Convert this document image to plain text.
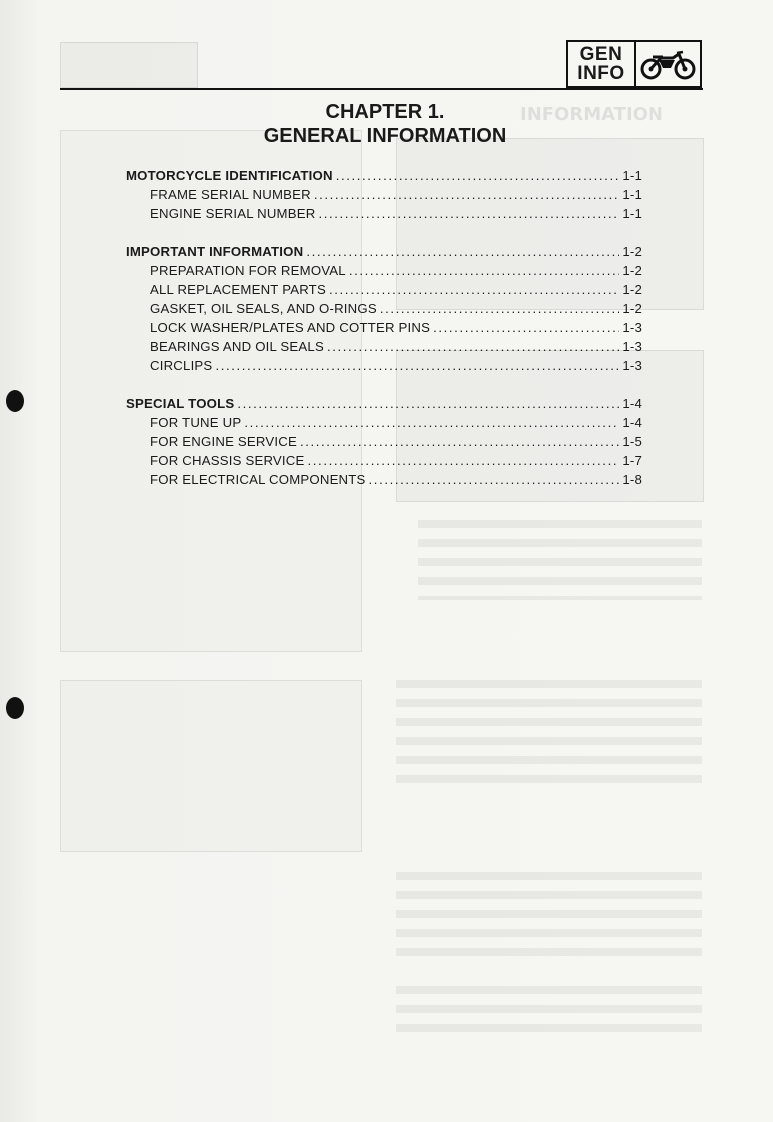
INFORMATION
GEN
INFO
CHAPTER 1.
GENERAL INFORMATION
MOTORCYCLE IDENTIFICATION .....	1-1
FRAME SERIAL NUMBER .....	1-1
ENGINE SERIAL NUMBER .....	1-1
IMPORTANT INFORMATION .....	1-2
PREPARATION FOR REMOVAL .....	1-2
ALL REPLACEMENT PARTS .....	1-2
GASKET, OIL SEALS, AND O-RINGS .....	1-2
LOCK WASHER/PLATES AND COTTER PINS .....	1-3
BEARINGS AND OIL SEALS .....	1-3
CIRCLIPS .....	1-3
SPECIAL TOOLS .....	1-4
FOR TUNE UP .....	1-4
FOR ENGINE SERVICE .....	1-5
FOR CHASSIS SERVICE .....	1-7
FOR ELECTRICAL COMPONENTS .....	1-8
